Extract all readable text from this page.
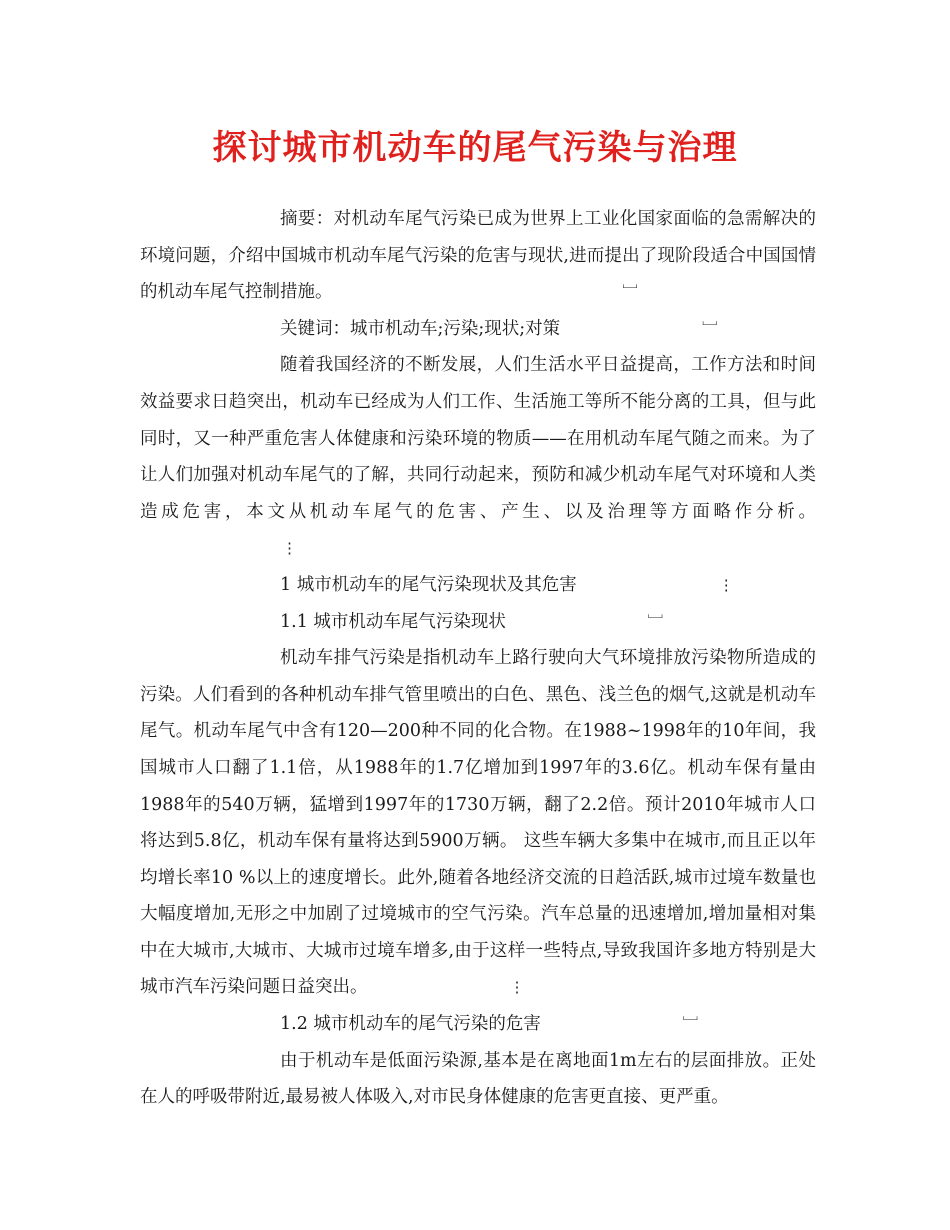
探讨城市机动车的尾气污染与治理

摘要：对机动车尾气污染已成为世界上工业化国家面临的急需解决的环境问题，介绍中国城市机动车尾气污染的危害与现状,进而提出了现阶段适合中国国情的机动车尾气控制措施。	﹈

关键词：城市机动车;污染;现状;对策	﹈

随着我国经济的不断发展，人们生活水平日益提高，工作方法和时间效益要求日趋突出，机动车已经成为人们工作、生活施工等所不能分离的工具，但与此同时，又一种严重危害人体健康和污染环境的物质——在用机动车尾气随之而来。为了让人们加强对机动车尾气的了解，共同行动起来，预防和减少机动车尾气对环境和人类造成危害，本文从机动车尾气的危害、产生、以及治理等方面略作分析。⋮

1 城市机动车的尾气污染现状及其危害	⋮

1.1 城市机动车尾气污染现状	﹈

机动车排气污染是指机动车上路行驶向大气环境排放污染物所造成的污染。人们看到的各种机动车排气管里喷出的白色、黑色、浅兰色的烟气,这就是机动车尾气。机动车尾气中含有120—200种不同的化合物。在1988~1998年的10年间，我国城市人口翻了1.1倍，从1988年的1.7亿增加到1997年的3.6亿。机动车保有量由1988年的540万辆，猛增到1997年的1730万辆，翻了2.2倍。预计2010年城市人口将达到5.8亿，机动车保有量将达到5900万辆。 这些车辆大多集中在城市,而且正以年均增长率10 %以上的速度增长。此外,随着各地经济交流的日趋活跃,城市过境车数量也大幅度增加,无形之中加剧了过境城市的空气污染。汽车总量的迅速增加,增加量相对集中在大城市,大城市、大城市过境车增多,由于这样一些特点,导致我国许多地方特别是大城市汽车污染问题日益突出。	⋮

1.2 城市机动车的尾气污染的危害	﹈

由于机动车是低面污染源,基本是在离地面1m左右的层面排放。正处在人的呼吸带附近,最易被人体吸入,对市民身体健康的危害更直接、更严重。
